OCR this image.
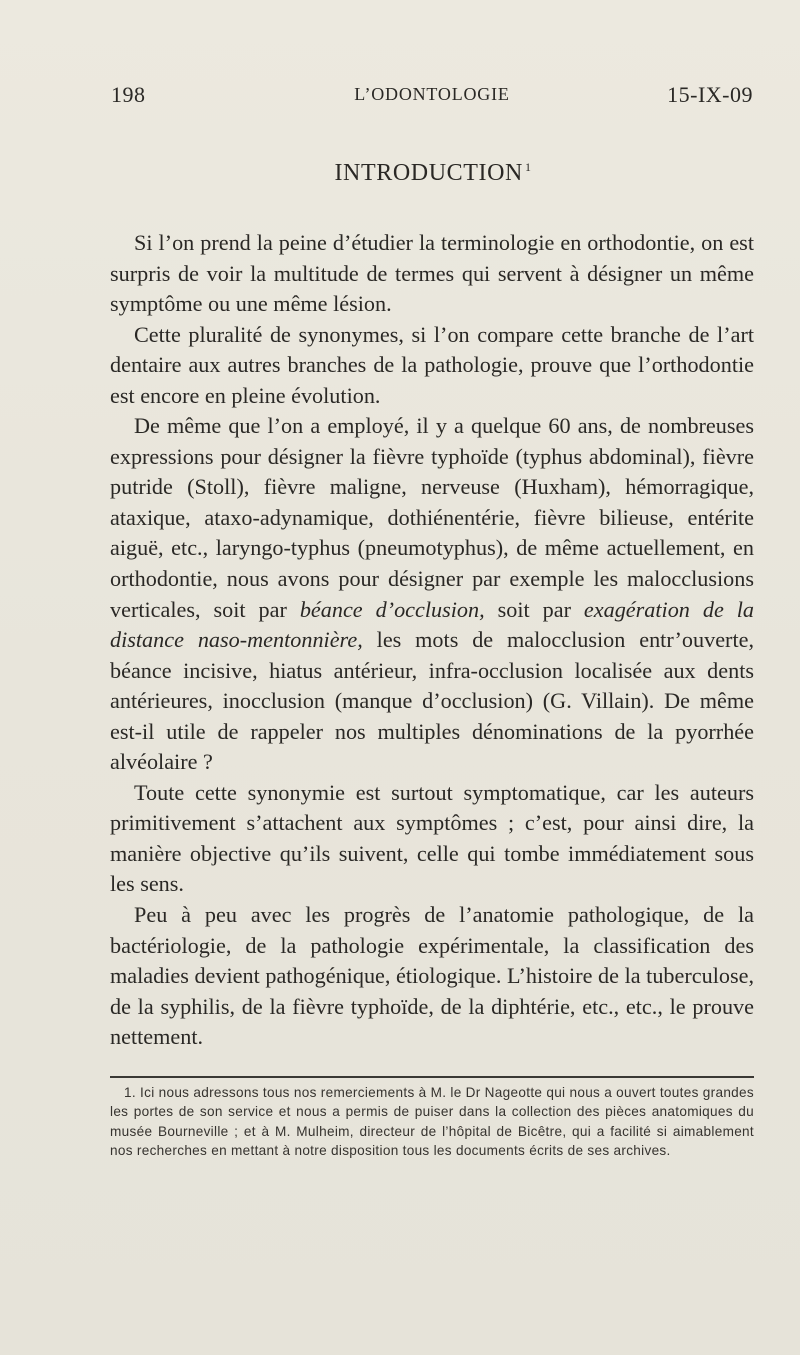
198	L’ODONTOLOGIE	15-IX-09
INTRODUCTION $^1$

Si l’on prend la peine d’étudier la terminologie en orthodontie, on est surpris de voir la multitude de termes qui servent à désigner un même symptôme ou une même lésion.

Cette pluralité de synonymes, si l’on compare cette branche de l’art dentaire aux autres branches de la pathologie, prouve que l’orthodontie est encore en pleine évolution.

De même que l’on a employé, il y a quelque 60 ans, de nombreuses expressions pour désigner la fièvre typhoïde (typhus abdominal), fièvre putride (Stoll), fièvre maligne, nerveuse (Huxham), hémorragique, ataxique, ataxo-adynamique, dothiénentérie, fièvre bilieuse, entérite aiguë, etc., laryngo-typhus (pneumotyphus), de même actuellement, en orthodontie, nous avons pour désigner par exemple les malocclusions verticales, soit par béance d’occlusion, soit par exagération de la distance naso-mentonnière, les mots de malocclusion entr’ouverte, béance incisive, hiatus antérieur, infra-occlusion localisée aux dents antérieures, inocclusion (manque d’occlusion) (G. Villain). De même est-il utile de rappeler nos multiples dénominations de la pyorrhée alvéolaire ?

Toute cette synonymie est surtout symptomatique, car les auteurs primitivement s’attachent aux symptômes ; c’est, pour ainsi dire, la manière objective qu’ils suivent, celle qui tombe immédiatement sous les sens.

Peu à peu avec les progrès de l’anatomie pathologique, de la bactériologie, de la pathologie expérimentale, la classification des maladies devient pathogénique, étiologique. L’histoire de la tuberculose, de la syphilis, de la fièvre typhoïde, de la diphtérie, etc., etc., le prouve nettement.

1. Ici nous adressons tous nos remerciements à M. le Dr Nageotte qui nous a ouvert toutes grandes les portes de son service et nous a permis de puiser dans la collection des pièces anatomiques du musée Bourneville ; et à M. Mulheim, directeur de l’hôpital de Bicêtre, qui a facilité si aimablement nos recherches en mettant à notre disposition tous les documents écrits de ses archives.
